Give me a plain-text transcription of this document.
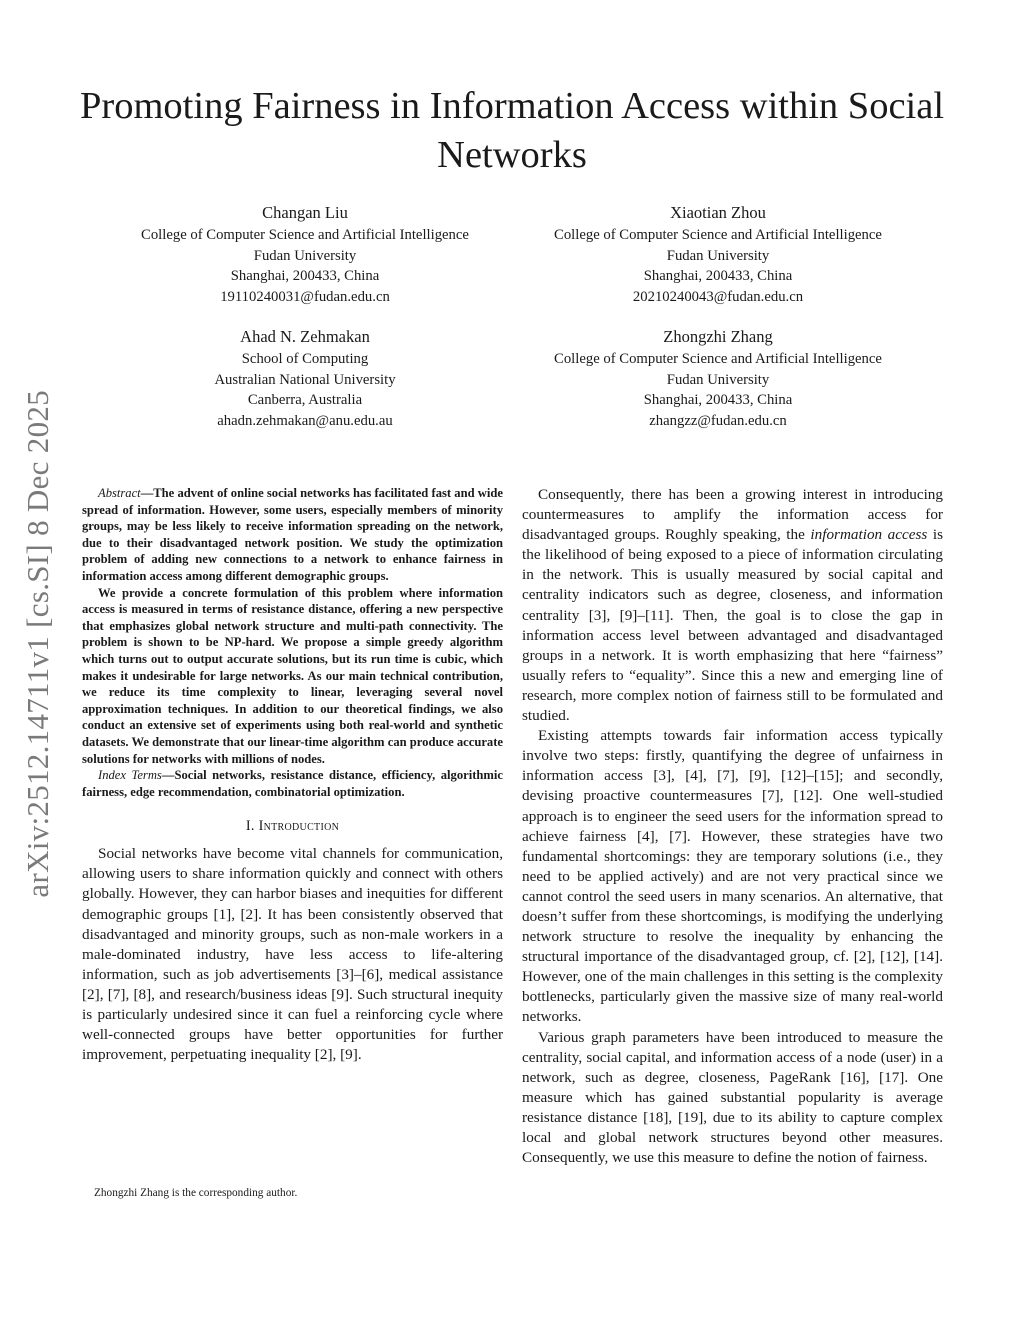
arXiv:2512.14711v1 [cs.SI] 8 Dec 2025
Promoting Fairness in Information Access within Social Networks
Changan Liu
College of Computer Science and Artificial Intelligence
Fudan University
Shanghai, 200433, China
19110240031@fudan.edu.cn
Xiaotian Zhou
College of Computer Science and Artificial Intelligence
Fudan University
Shanghai, 200433, China
20210240043@fudan.edu.cn
Ahad N. Zehmakan
School of Computing
Australian National University
Canberra, Australia
ahadn.zehmakan@anu.edu.au
Zhongzhi Zhang
College of Computer Science and Artificial Intelligence
Fudan University
Shanghai, 200433, China
zhangzz@fudan.edu.cn

Abstract—The advent of online social networks has facilitated fast and wide spread of information. However, some users, especially members of minority groups, may be less likely to receive information spreading on the network, due to their disadvantaged network position. We study the optimization problem of adding new connections to a network to enhance fairness in information access among different demographic groups.

We provide a concrete formulation of this problem where information access is measured in terms of resistance distance, offering a new perspective that emphasizes global network structure and multi-path connectivity. The problem is shown to be NP-hard. We propose a simple greedy algorithm which turns out to output accurate solutions, but its run time is cubic, which makes it undesirable for large networks. As our main technical contribution, we reduce its time complexity to linear, leveraging several novel approximation techniques. In addition to our theoretical findings, we also conduct an extensive set of experiments using both real-world and synthetic datasets. We demonstrate that our linear-time algorithm can produce accurate solutions for networks with millions of nodes.

Index Terms—Social networks, resistance distance, efficiency, algorithmic fairness, edge recommendation, combinatorial optimization.

I. Introduction

Social networks have become vital channels for communication, allowing users to share information quickly and connect with others globally. However, they can harbor biases and inequities for different demographic groups [1], [2]. It has been consistently observed that disadvantaged and minority groups, such as non-male workers in a male-dominated industry, have less access to life-altering information, such as job advertisements [3]–[6], medical assistance [2], [7], [8], and research/business ideas [9]. Such structural inequity is particularly undesired since it can fuel a reinforcing cycle where well-connected groups have better opportunities for further improvement, perpetuating inequality [2], [9].

Zhongzhi Zhang is the corresponding author.

Consequently, there has been a growing interest in introducing countermeasures to amplify the information access for disadvantaged groups. Roughly speaking, the information access is the likelihood of being exposed to a piece of information circulating in the network. This is usually measured by social capital and centrality indicators such as degree, closeness, and information centrality [3], [9]–[11]. Then, the goal is to close the gap in information access level between advantaged and disadvantaged groups in a network. It is worth emphasizing that here “fairness” usually refers to “equality”. Since this a new and emerging line of research, more complex notion of fairness still to be formulated and studied.

Existing attempts towards fair information access typically involve two steps: firstly, quantifying the degree of unfairness in information access [3], [4], [7], [9], [12]–[15]; and secondly, devising proactive countermeasures [7], [12]. One well-studied approach is to engineer the seed users for the information spread to achieve fairness [4], [7]. However, these strategies have two fundamental shortcomings: they are temporary solutions (i.e., they need to be applied actively) and are not very practical since we cannot control the seed users in many scenarios. An alternative, that doesn’t suffer from these shortcomings, is modifying the underlying network structure to resolve the inequality by enhancing the structural importance of the disadvantaged group, cf. [2], [12], [14]. However, one of the main challenges in this setting is the complexity bottlenecks, particularly given the massive size of many real-world networks.

Various graph parameters have been introduced to measure the centrality, social capital, and information access of a node (user) in a network, such as degree, closeness, PageRank [16], [17]. One measure which has gained substantial popularity is average resistance distance [18], [19], due to its ability to capture complex local and global network structures beyond other measures. Consequently, we use this measure to define the notion of fairness.
